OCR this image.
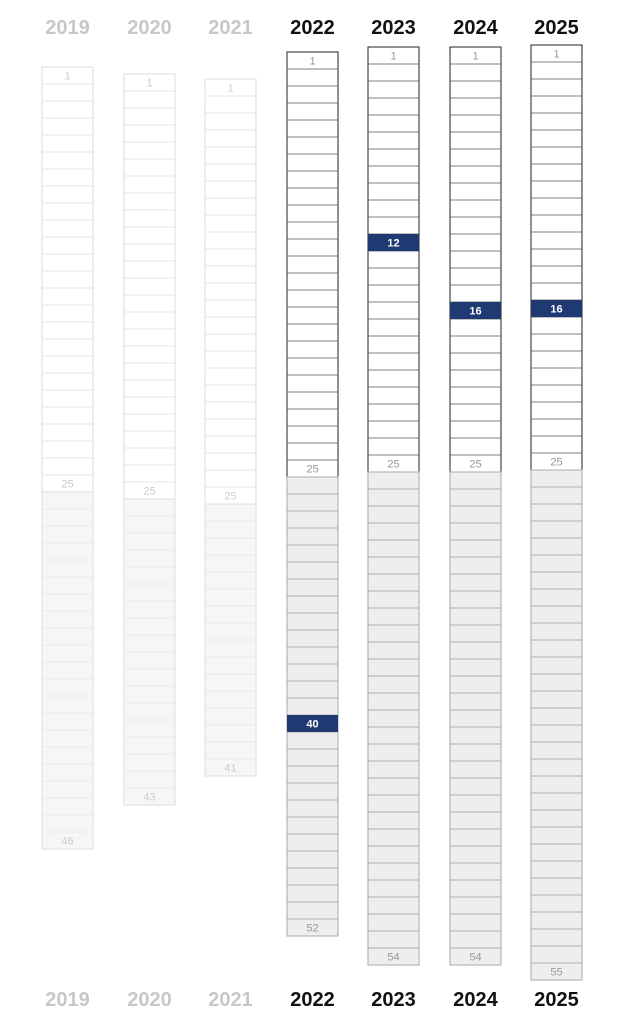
1
25
46
2019
2019
1
25
43
2020
2020
1
25
41
2021
2021
1
25
52
40
2022
2022
1
25
54
12
2023
2023
1
25
54
16
2024
2024
1
25
55
16
2025
2025
